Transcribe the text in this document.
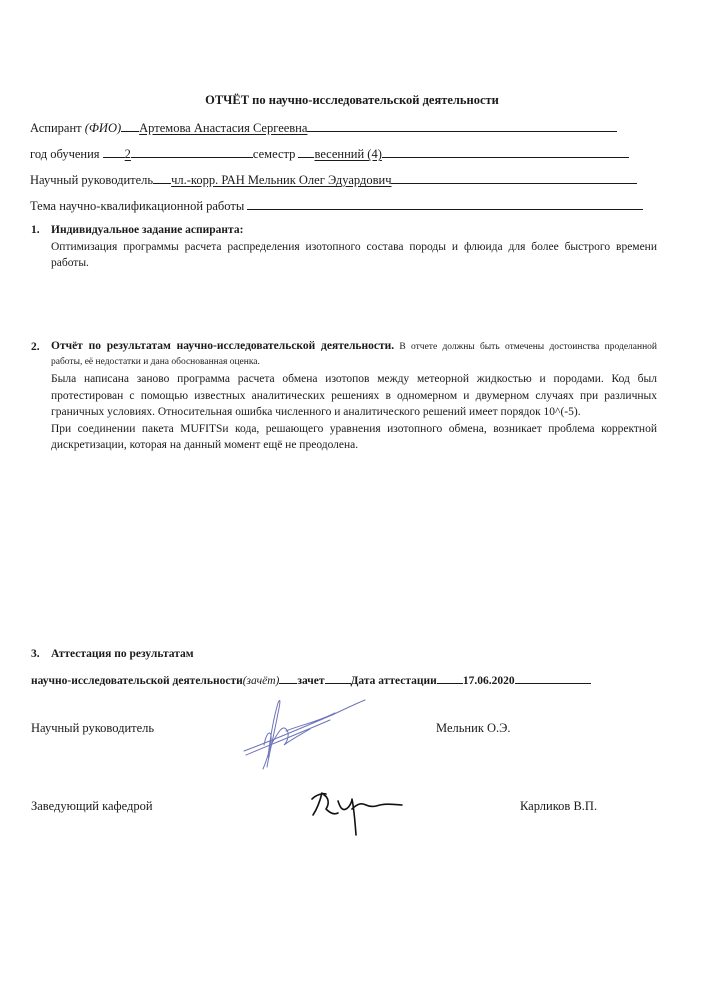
ОТЧЁТ по научно-исследовательской деятельности
Аспирант (ФИО) Артемова Анастасия Сергеевна
год обучения 2	семестр весенний (4)
Научный руководитель чл.-корр. РАН Мельник Олег Эдуардович
Тема научно-квалификационной работы
1. Индивидуальное задание аспиранта:
Оптимизация программы расчета распределения изотопного состава породы и флюида для более быстрого времени работы.
2. Отчёт по результатам научно-исследовательской деятельности. В отчете должны быть отмечены достоинства проделанной работы, её недостатки и дана обоснованная оценка.
Была написана заново программа расчета обмена изотопов между метеорной жидкостью и породами. Код был протестирован с помощью известных аналитических решениях в одномерном и двумерном случаях при различных граничных условиях. Относительная ошибка численного и аналитического решений имеет порядок 10^(-5).
При соединении пакета MUFITSи кода, решающего уравнения изотопного обмена, возникает проблема корректной дискретизации, которая на данный момент ещё не преодолена.
3. Аттестация по результатам
научно-исследовательской деятельности(зачёт) зачет Дата аттестации 17.06.2020
Научный руководитель	Мельник О.Э.
Заведующий кафедрой	Карликов В.П.
